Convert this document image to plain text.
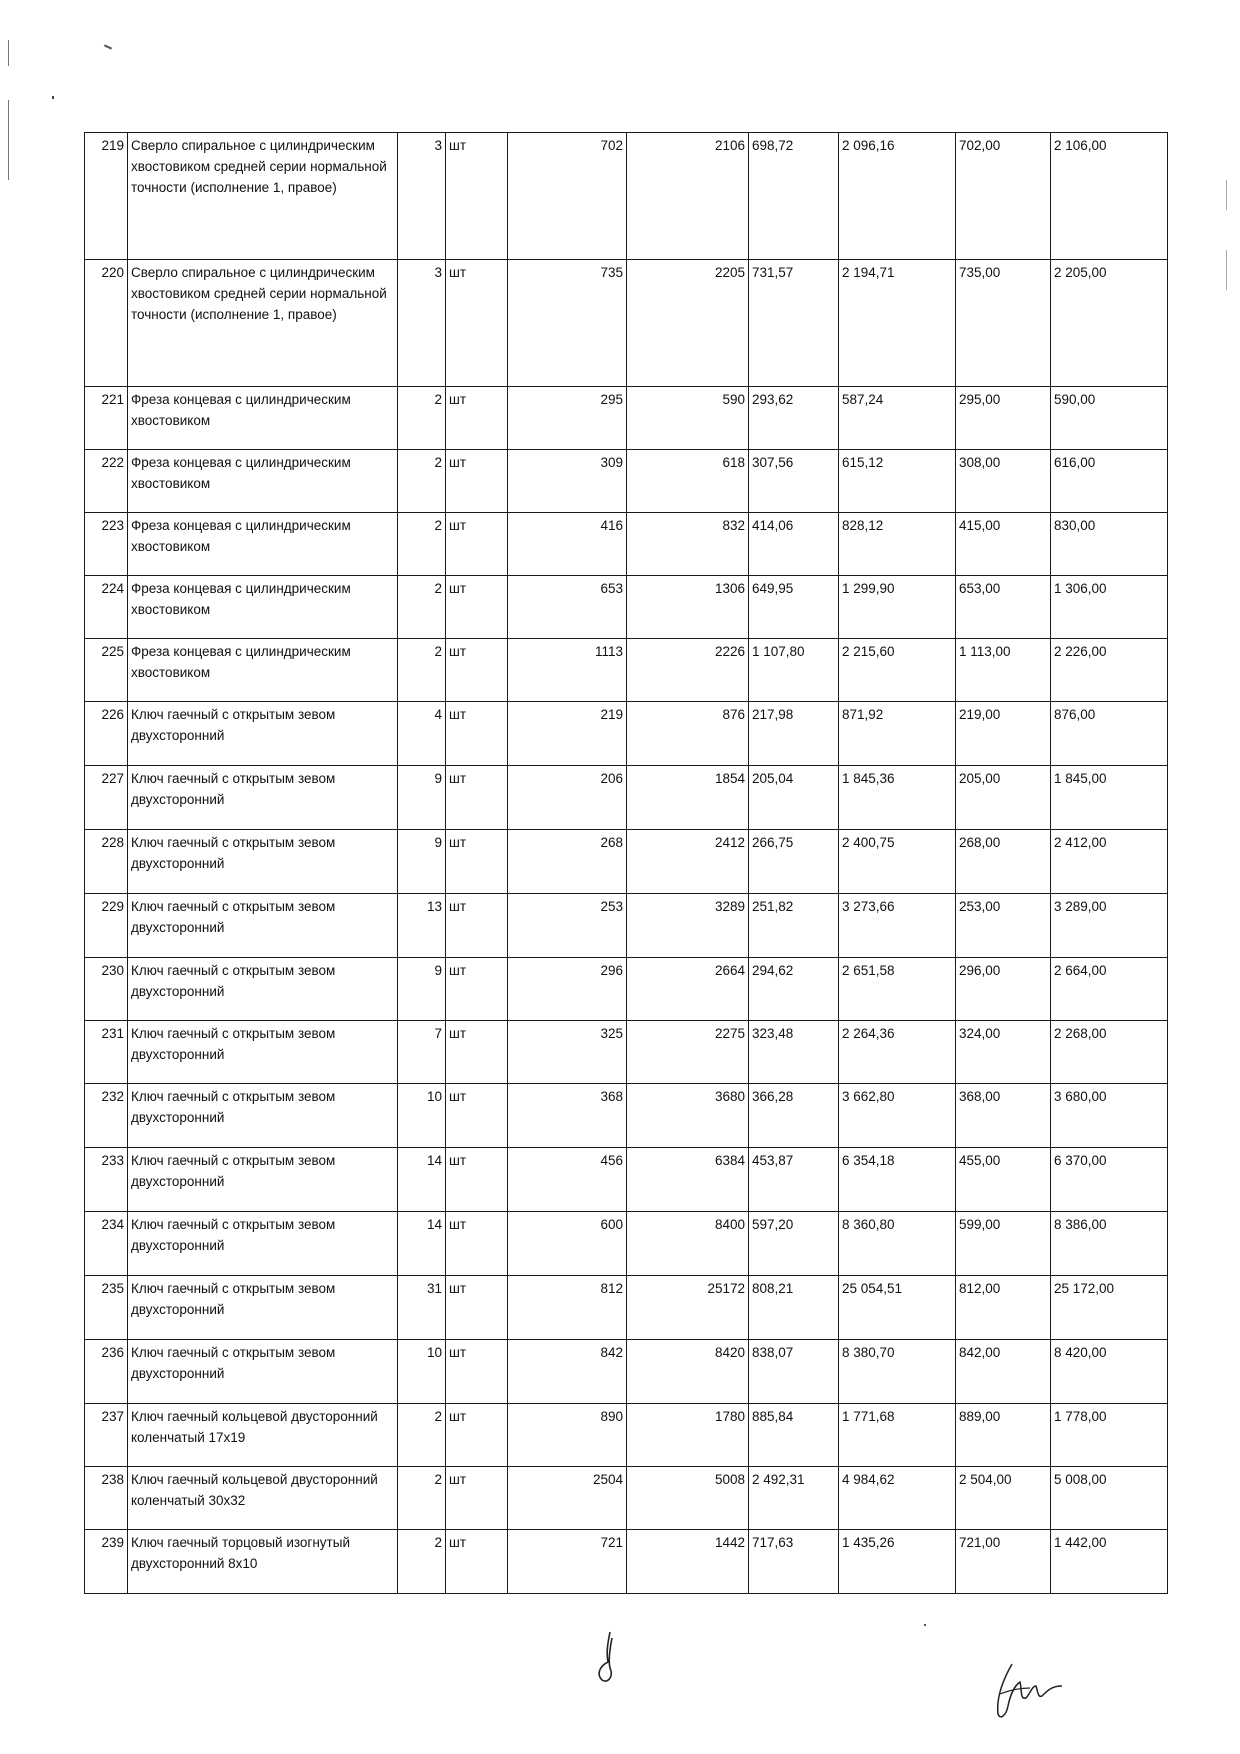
219	Сверло спиральное с цилиндрическим хвостовиком средней серии нормальной точности (исполнение 1, правое)	3	шт	702	2106	698,72	2 096,16	702,00	2 106,00
220	Сверло спиральное с цилиндрическим хвостовиком средней серии нормальной точности (исполнение 1, правое)	3	шт	735	2205	731,57	2 194,71	735,00	2 205,00
221	Фреза концевая с цилиндрическим хвостовиком	2	шт	295	590	293,62	587,24	295,00	590,00
222	Фреза концевая с цилиндрическим хвостовиком	2	шт	309	618	307,56	615,12	308,00	616,00
223	Фреза концевая с цилиндрическим хвостовиком	2	шт	416	832	414,06	828,12	415,00	830,00
224	Фреза концевая с цилиндрическим хвостовиком	2	шт	653	1306	649,95	1 299,90	653,00	1 306,00
225	Фреза концевая с цилиндрическим хвостовиком	2	шт	1113	2226	1 107,80	2 215,60	1 113,00	2 226,00
226	Ключ гаечный с открытым зевом двухсторонний	4	шт	219	876	217,98	871,92	219,00	876,00
227	Ключ гаечный с открытым зевом двухсторонний	9	шт	206	1854	205,04	1 845,36	205,00	1 845,00
228	Ключ гаечный с открытым зевом двухсторонний	9	шт	268	2412	266,75	2 400,75	268,00	2 412,00
229	Ключ гаечный с открытым зевом двухсторонний	13	шт	253	3289	251,82	3 273,66	253,00	3 289,00
230	Ключ гаечный с открытым зевом двухсторонний	9	шт	296	2664	294,62	2 651,58	296,00	2 664,00
231	Ключ гаечный с открытым зевом двухсторонний	7	шт	325	2275	323,48	2 264,36	324,00	2 268,00
232	Ключ гаечный с открытым зевом двухсторонний	10	шт	368	3680	366,28	3 662,80	368,00	3 680,00
233	Ключ гаечный с открытым зевом двухсторонний	14	шт	456	6384	453,87	6 354,18	455,00	6 370,00
234	Ключ гаечный с открытым зевом двухсторонний	14	шт	600	8400	597,20	8 360,80	599,00	8 386,00
235	Ключ гаечный с открытым зевом двухсторонний	31	шт	812	25172	808,21	25 054,51	812,00	25 172,00
236	Ключ гаечный с открытым зевом двухсторонний	10	шт	842	8420	838,07	8 380,70	842,00	8 420,00
237	Ключ гаечный кольцевой двусторонний коленчатый 17x19	2	шт	890	1780	885,84	1 771,68	889,00	1 778,00
238	Ключ гаечный кольцевой двусторонний коленчатый 30x32	2	шт	2504	5008	2 492,31	4 984,62	2 504,00	5 008,00
239	Ключ гаечный торцовый изогнутый двухсторонний 8x10	2	шт	721	1442	717,63	1 435,26	721,00	1 442,00
